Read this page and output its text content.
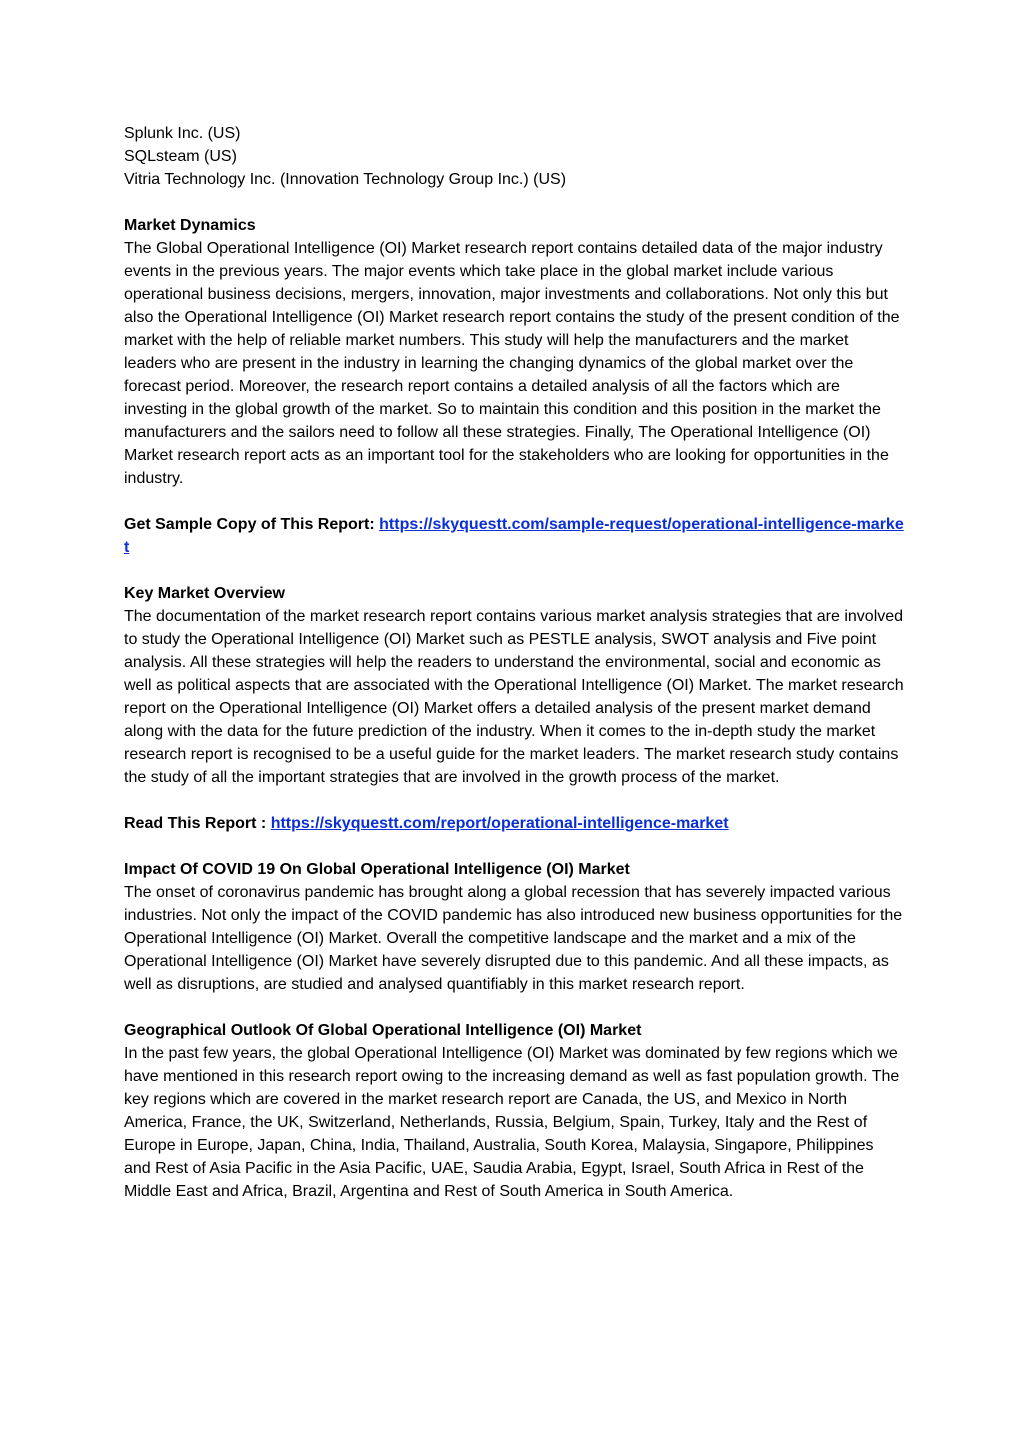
Splunk Inc. (US)
SQLsteam (US)
Vitria Technology Inc. (Innovation Technology Group Inc.) (US)
Market Dynamics

The Global Operational Intelligence (OI) Market research report contains detailed data of the major industry events in the previous years. The major events which take place in the global market include various operational business decisions, mergers, innovation, major investments and collaborations. Not only this but also the Operational Intelligence (OI) Market research report contains the study of the present condition of the market with the help of reliable market numbers. This study will help the manufacturers and the market leaders who are present in the industry in learning the changing dynamics of the global market over the forecast period. Moreover, the research report contains a detailed analysis of all the factors which are investing in the global growth of the market. So to maintain this condition and this position in the market the manufacturers and the sailors need to follow all these strategies. Finally, The Operational Intelligence (OI) Market research report acts as an important tool for the stakeholders who are looking for opportunities in the industry.

Get Sample Copy of This Report: https://skyquestt.com/sample-request/operational-intelligence-market

Key Market Overview

The documentation of the market research report contains various market analysis strategies that are involved to study the Operational Intelligence (OI) Market such as PESTLE analysis, SWOT analysis and Five point analysis. All these strategies will help the readers to understand the environmental, social and economic as well as political aspects that are associated with the Operational Intelligence (OI) Market. The market research report on the Operational Intelligence (OI) Market offers a detailed analysis of the present market demand along with the data for the future prediction of the industry. When it comes to the in-depth study the market research report is recognised to be a useful guide for the market leaders. The market research study contains the study of all the important strategies that are involved in the growth process of the market.

Read This Report : https://skyquestt.com/report/operational-intelligence-market

Impact Of COVID 19 On Global Operational Intelligence (OI) Market

The onset of coronavirus pandemic has brought along a global recession that has severely impacted various industries. Not only the impact of the COVID pandemic has also introduced new business opportunities for the Operational Intelligence (OI) Market. Overall the competitive landscape and the market and a mix of the Operational Intelligence (OI) Market have severely disrupted due to this pandemic. And all these impacts, as well as disruptions, are studied and analysed quantifiably in this market research report.

Geographical Outlook Of Global Operational Intelligence (OI) Market

In the past few years, the global Operational Intelligence (OI) Market was dominated by few regions which we have mentioned in this research report owing to the increasing demand as well as fast population growth. The key regions which are covered in the market research report are Canada, the US, and Mexico in North America, France, the UK, Switzerland, Netherlands, Russia, Belgium, Spain, Turkey, Italy and the Rest of Europe in Europe, Japan, China, India, Thailand, Australia, South Korea, Malaysia, Singapore, Philippines and Rest of Asia Pacific in the Asia Pacific, UAE, Saudia Arabia, Egypt, Israel, South Africa in Rest of the Middle East and Africa, Brazil, Argentina and Rest of South America in South America.
